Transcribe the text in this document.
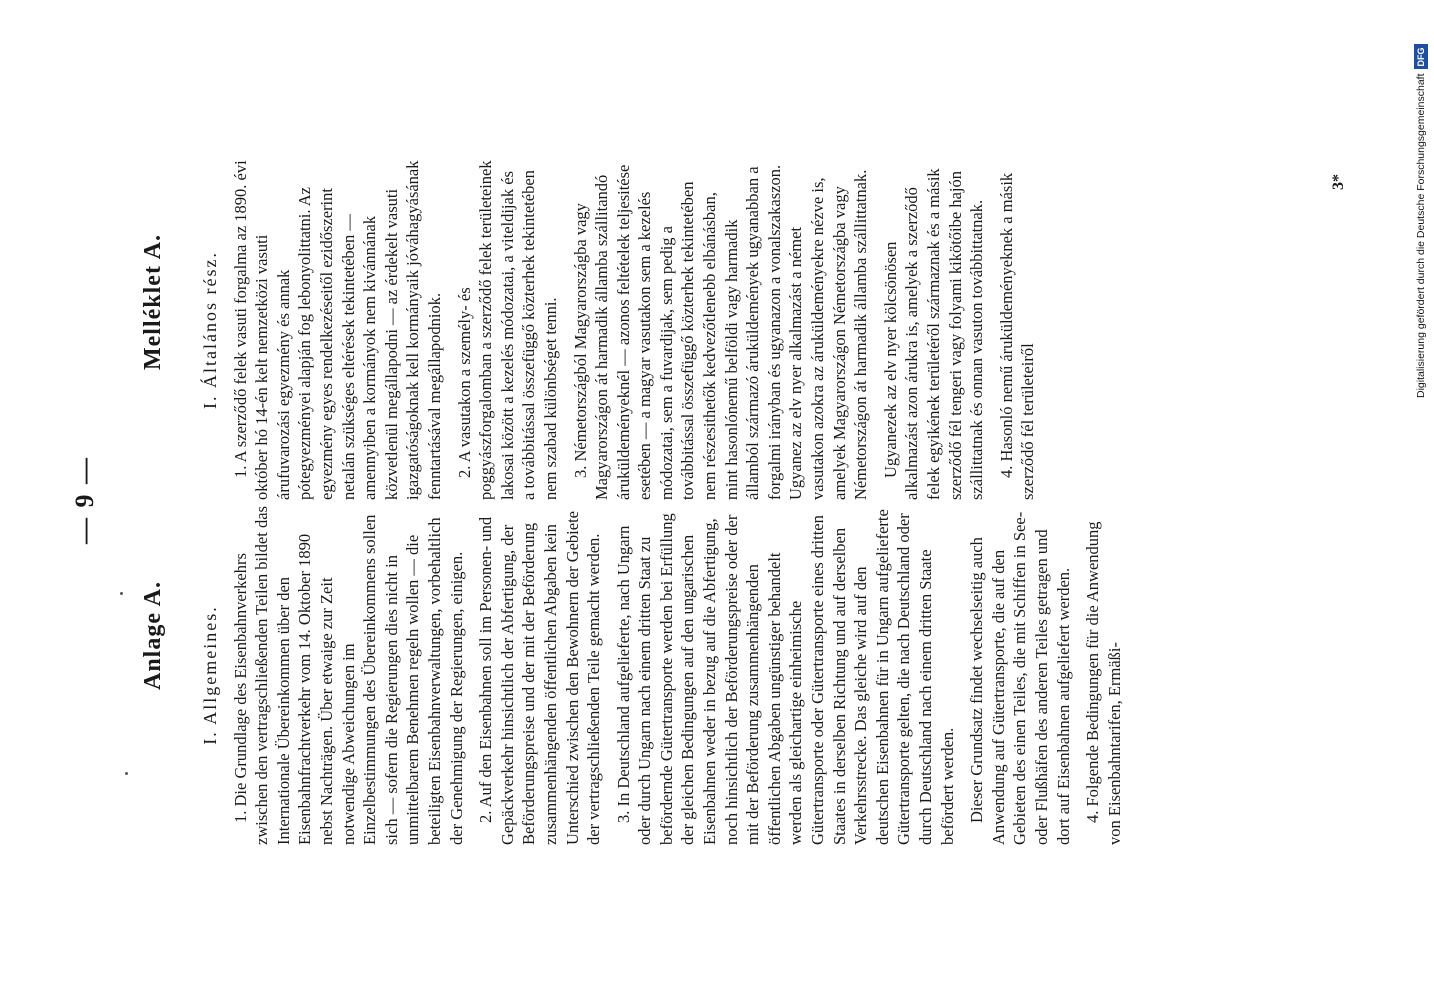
— 9 —
Anlage A.
Melléklet A.
I. Allgemeines. 1. Die Grundlage des Eisenbahnverkehrs zwischen den vertragschließenden Teilen bildet das Internationale Übereinkommen über den Eisenbahnfrachtverkehr vom 14. Oktober 1890 nebst Nachträgen. Über etwaige zur Zeit notwendige Abweichungen im Einzelbestimmungen des Übereinkommens sollen sich — sofern die Regierungen dies nicht in unmittelbarem Benehmen regeln wollen — die beteiligten Eisenbahnverwaltungen, vorbehaltlich der Genehmigung der Regierungen, einigen. 2. Auf den Eisenbahnen soll im Personen- und Gepäckverkehr hinsichtlich der Abfertigung, der Beförderungspreise und der mit der Beförderung zusammenhängenden öffentlichen Abgaben kein Unterschied zwischen den Bewohnern der Gebiete der vertragschließenden Teile gemacht werden. 3. In Deutschland aufgelieferte, nach Ungarn oder durch Ungarn nach einem dritten Staat zu befördernde Gütertransporte werden bei Erfüllung der gleichen Bedingungen auf den ungarischen Eisenbahnen weder in bezug auf die Abfertigung, noch hinsichtlich der Beförderungspreise oder der mit der Beförderung zusammenhängenden öffentlichen Abgaben ungünstiger behandelt werden als gleichartige einheimische Gütertransporte oder Gütertransporte eines dritten Staates in derselben Richtung und auf derselben Verkehrsstrecke. Das gleiche wird auf den deutschen Eisenbahnen für in Ungarn aufgelieferte Gütertransporte gelten, die nach Deutschland oder durch Deutschland nach einem dritten Staate befördert werden. Dieser Grundsatz findet wechselseitig auch Anwendung auf Gütertransporte, die auf den Gebieten des einen Teiles, die mit Schiffen in See- oder Flußhäfen des anderen Teiles getragen und dort auf Eisenbahnen aufgeliefert werden. 4. Folgende Bedingungen für die Anwendung von Eisenbahntarifen, Ermäßi-

I. Általános rész. 1. A szerződő felek vasuti forgalma az 1890. évi október hó 14-én kelt nemzetközi vasuti árufuvarozási egyezmény és annak pótegyezményei alapján fog lebonyolittatni. Az egyezmény egyes rendelkezéseitől ezidőszerint netalán szükséges eltérések tekintetében — amennyiben a kormányok nem kivánnának közvetlenül megállapodni — az érdekelt vasuti igazgatóságoknak kell kormányaik jóváhagyásának fenntartásával megállapodniok. 2. A vasutakon a személy- és poggyászforgalomban a szerződő felek területeinek lakosai között a kezelés módozatai, a viteldijak és a továbbitással összefüggő közterhek tekintetében nem szabad különbséget tenni. 3. Németországból Magyarországba vagy Magyarországon át harmadik államba szállitandó áruküldeményeknél — azonos feltételek teljesitése esetében — a magyar vasutakon sem a kezelés módozatai, sem a fuvardijak, sem pedig a továbbitással összefüggő közterhek tekintetében nem részesithetők kedvezőtlenebb elbánásban, mint hasonlónemű belföldi vagy harmadik államból származó áruküldemények ugyanabban a forgalmi irányban és ugyanazon a vonalszakaszon. Ugyanez az elv nyer alkalmazást a német vasutakon azokra az áruküldeményekre nézve is, amelyek Magyarországon Németországba vagy Németországon át harmadik államba szállittatnak. Ugyanezek az elv nyer kölcsönösen alkalmazást azon árukra is, amelyek a szerződő felek egyikének területéről származnak és a másik szerződő fél tengeri vagy folyami kikötőibe hajón szállittatnak és onnan vasuton továbbittatnak. 4. Hasonló nemű áruküldeményeknek a másik szerződő fél területeiről

3*	Digitalisierung gefördert durch die Deutsche Forschungsgemeinschaft
DFG
